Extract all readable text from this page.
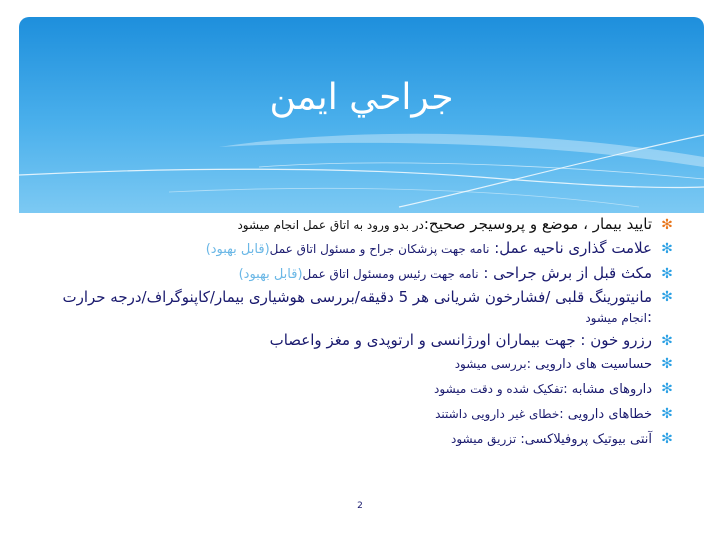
جراحي ايمن
✻
تایید بیمار ، موضع و پروسیجر صحیح:در بدو ورود به اتاق عمل انجام میشود
✻
علامت گذاری ناحیه عمل: نامه جهت پزشکان جراح و مسئول اتاق عمل(قابل بهبود)
✻
مکث قبل از برش جراحی : نامه جهت رئیس ومسئول اتاق عمل(قابل بهبود)
✻
مانیتورینگ قلبی /فشارخون شریانی هر 5 دقیقه/بررسی هوشیاری بیمار/کاپنوگراف/درجه حرارت :انجام میشود
✻
رزرو خون : جهت بیماران اورژانسی و ارتوپدی و مغز واعصاب
✻
حساسیت های دارویی :بررسی میشود
✻
داروهای مشابه :تفکیک شده و دقت میشود
✻
خطاهای دارویی :خطای غیر دارویی داشتند
✻
آنتی بیوتیک پروفیلاکسی: تزریق میشود
2
